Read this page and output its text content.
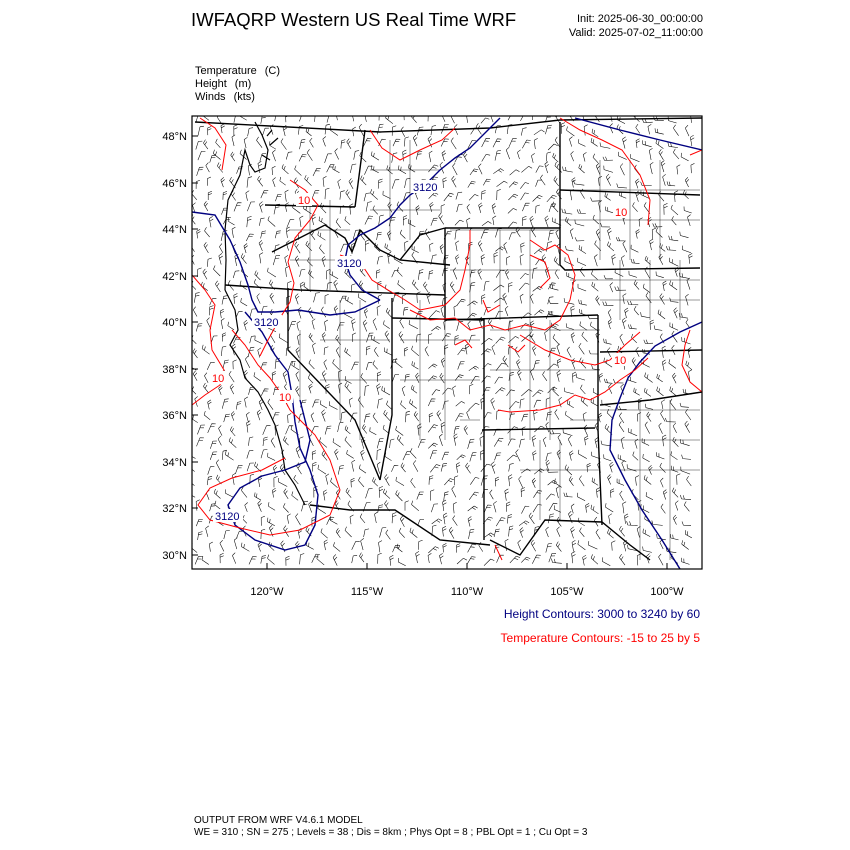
IWFAQRP Western US Real Time WRF	Init: 2025-06-30_00:00:00
Valid: 2025-07-02_11:00:00
Temperature (C)
Height (m)
Winds (kts)
48°N
46°N
44°N
42°N
40°N
38°N
36°N
34°N
32°N
30°N
120°W	115°W	110°W	105°W	100°W
3120
3120
3120
3120
10
10
10
10
10
Height Contours: 3000 to 3240 by 60
Temperature Contours: -15 to 25 by 5
OUTPUT FROM WRF V4.6.1 MODEL
WE = 310 ; SN = 275 ; Levels = 38 ; Dis = 8km ; Phys Opt = 8 ; PBL Opt = 1 ; Cu Opt = 3
